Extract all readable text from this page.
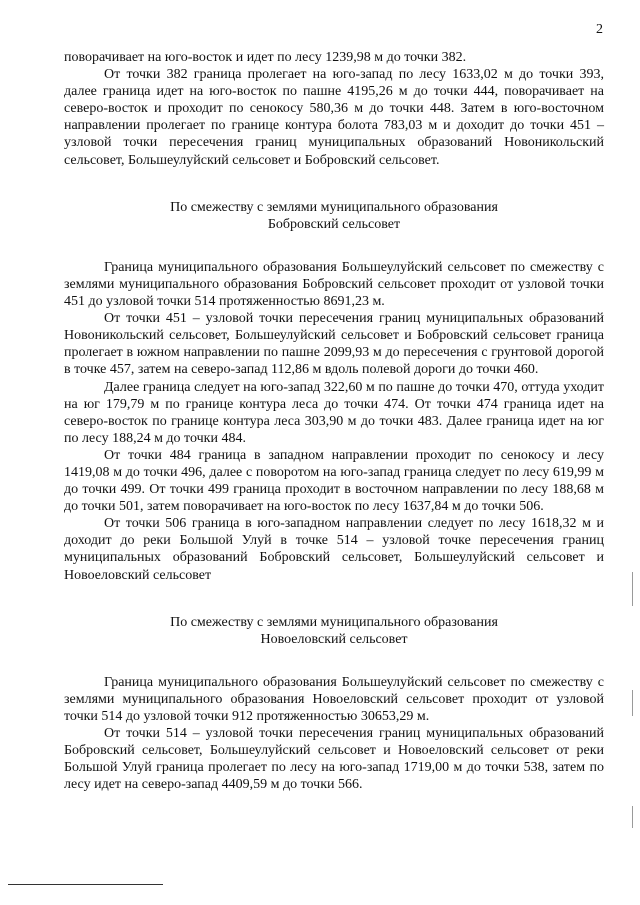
2

поворачивает на юго-восток и идет по лесу 1239,98 м до точки 382.

От точки 382 граница пролегает на юго-запад по лесу 1633,02 м до точки 393, далее граница идет на юго-восток по пашне 4195,26 м до точки 444, поворачивает на северо-восток и проходит по сенокосу 580,36 м до точки 448. Затем в юго-восточном направлении пролегает по границе контура болота 783,03 м и доходит до точки 451 – узловой точки пересечения границ муниципальных образований Новоникольский сельсовет, Большеулуйский сельсовет и Бобровский сельсовет.

По смежеству с землями муниципального образования

Бобровский сельсовет

Граница муниципального образования Большеулуйский сельсовет по смежеству с землями муниципального образования Бобровский сельсовет проходит от узловой точки 451 до узловой точки 514 протяженностью 8691,23 м.

От точки 451 – узловой точки пересечения границ муниципальных образований Новоникольский сельсовет, Большеулуйский сельсовет и Бобровский сельсовет граница пролегает в южном направлении по пашне 2099,93 м до пересечения с грунтовой дорогой в точке 457, затем на северо-запад 112,86 м вдоль полевой дороги до точки 460.

Далее граница следует на юго-запад 322,60 м по пашне до точки 470, оттуда уходит на юг 179,79 м по границе контура леса до точки 474. От точки 474 граница идет на северо-восток по границе контура леса 303,90 м до точки 483. Далее граница идет на юг по лесу 188,24 м до точки 484.

От точки 484 граница в западном направлении проходит по сенокосу и лесу 1419,08 м до точки 496, далее с поворотом на юго-запад граница следует по лесу 619,99 м до точки 499. От точки 499 граница проходит в восточном направлении по лесу 188,68 м до точки 501, затем поворачивает на юго-восток по лесу 1637,84 м до точки 506.

От точки 506 граница в юго-западном направлении следует по лесу 1618,32 м и доходит до реки Большой Улуй в точке 514 – узловой точке пересечения границ муниципальных образований Бобровский сельсовет, Большеулуйский сельсовет и Новоеловский сельсовет

По смежеству с землями муниципального образования

Новоеловский сельсовет

Граница муниципального образования Большеулуйский сельсовет по смежеству с землями муниципального образования Новоеловский сельсовет проходит от узловой точки 514 до узловой точки 912 протяженностью 30653,29 м.

От точки 514 – узловой точки пересечения границ муниципальных образований Бобровский сельсовет, Большеулуйский сельсовет и Новоеловский сельсовет от реки Большой Улуй граница пролегает по лесу на юго-запад 1719,00 м до точки 538, затем по лесу идет на северо-запад 4409,59 м до точки 566.
